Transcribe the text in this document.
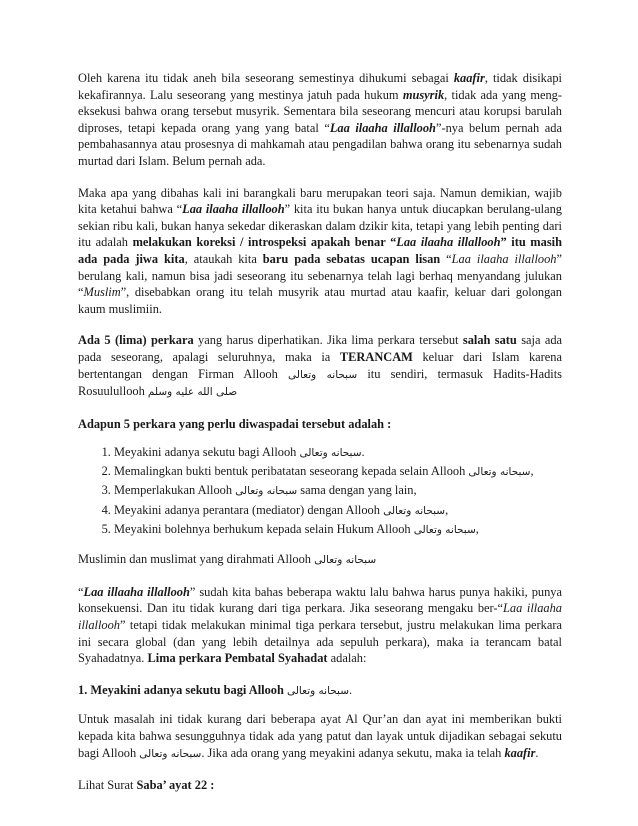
Oleh karena itu tidak aneh bila seseorang semestinya dihukumi sebagai kaafir, tidak disikapi kekafirannya. Lalu seseorang yang mestinya jatuh pada hukum musyrik, tidak ada yang meng-eksekusi bahwa orang tersebut musyrik. Sementara bila seseorang mencuri atau korupsi barulah diproses, tetapi kepada orang yang yang batal “Laa ilaaha illallooh”-nya belum pernah ada pembahasannya atau prosesnya di mahkamah atau pengadilan bahwa orang itu sebenarnya sudah murtad dari Islam. Belum pernah ada.

Maka apa yang dibahas kali ini barangkali baru merupakan teori saja. Namun demikian, wajib kita ketahui bahwa “Laa ilaaha illallooh” kita itu bukan hanya untuk diucapkan berulang-ulang sekian ribu kali, bukan hanya sekedar dikeraskan dalam dzikir kita, tetapi yang lebih penting dari itu adalah melakukan koreksi / introspeksi apakah benar “Laa ilaaha illallooh” itu masih ada pada jiwa kita, ataukah kita baru pada sebatas ucapan lisan “Laa ilaaha illallooh” berulang kali, namun bisa jadi seseorang itu sebenarnya telah lagi berhaq menyandang julukan “Muslim”, disebabkan orang itu telah musyrik atau murtad atau kaafir, keluar dari golongan kaum muslimiin.

Ada 5 (lima) perkara yang harus diperhatikan. Jika lima perkara tersebut salah satu saja ada pada seseorang, apalagi seluruhnya, maka ia TERANCAM keluar dari Islam karena bertentangan dengan Firman Allooh سبحانه وتعالى itu sendiri, termasuk Hadits-Hadits Rosuulullooh صلى الله عليه وسلم

Adapun 5 perkara yang perlu diwaspadai tersebut adalah :

1. Meyakini adanya sekutu bagi Allooh سبحانه وتعالى.
2. Memalingkan bukti bentuk peribatatan seseorang kepada selain Allooh سبحانه وتعالى,
3. Memperlakukan Allooh سبحانه وتعالى sama dengan yang lain,
4. Meyakini adanya perantara (mediator) dengan Allooh سبحانه وتعالى,
5. Meyakini bolehnya berhukum kepada selain Hukum Allooh سبحانه وتعالى,

Muslimin dan muslimat yang dirahmati Allooh سبحانه وتعالى

“Laa illaaha illallooh” sudah kita bahas beberapa waktu lalu bahwa harus punya hakiki, punya konsekuensi. Dan itu tidak kurang dari tiga perkara. Jika seseorang mengaku ber-“Laa illaaha illallooh” tetapi tidak melakukan minimal tiga perkara tersebut, justru melakukan lima perkara ini secara global (dan yang lebih detailnya ada sepuluh perkara), maka ia terancam batal Syahadatnya. Lima perkara Pembatal Syahadat adalah:

1. Meyakini adanya sekutu bagi Allooh سبحانه وتعالى.

Untuk masalah ini tidak kurang dari beberapa ayat Al Qur’an dan ayat ini memberikan bukti kepada kita bahwa sesungguhnya tidak ada yang patut dan layak untuk dijadikan sebagai sekutu bagi Allooh سبحانه وتعالى. Jika ada orang yang meyakini adanya sekutu, maka ia telah kaafir.

Lihat Surat Saba’ ayat 22 :
